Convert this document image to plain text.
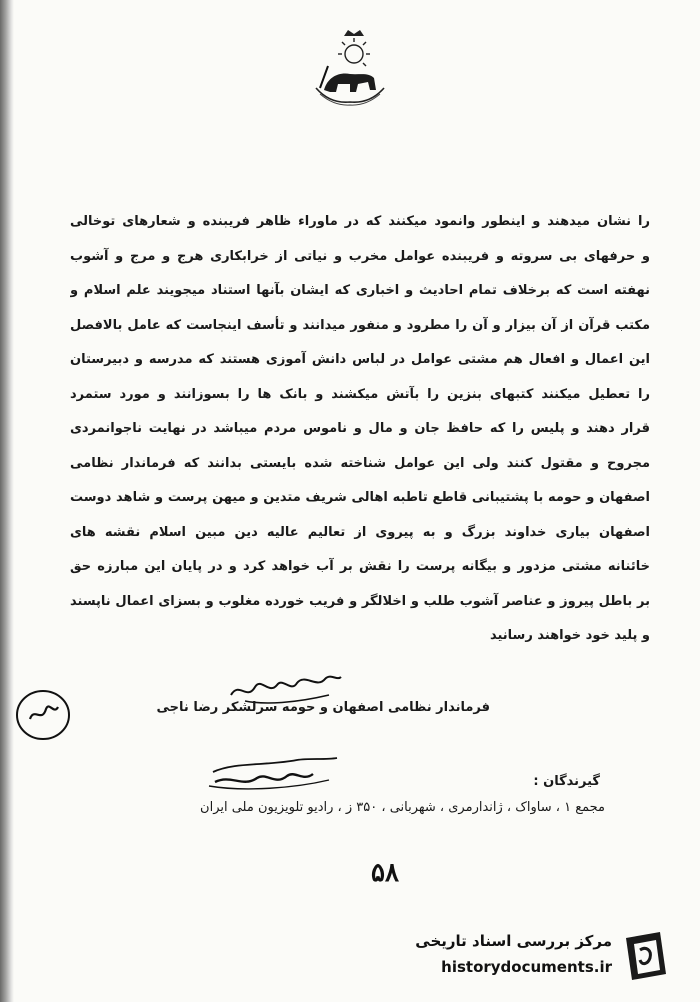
را نشان میدهند و اینطور وانمود میکنند که در ماوراء ظاهر فریبنده و شعارهای توخالی
و حرفهای بی سروته و فریبنده عوامل مخرب و نیاتی از خرابکاری هرج و مرج و آشوب
نهفته است که برخلاف تمام احادیث و اخباری که ایشان بآنها استناد میجویند علم اسلام و
مکتب قرآن از آن بیزار و آن را مطرود و منفور میدانند و تأسف اینجاست که عامل بالافصل
این اعمال و افعال هم مشتی عوامل در لباس دانش آموزی هستند که مدرسه و دبیرستان
را تعطیل میکنند کتبهای بنزین را بآتش میکشند و بانک ها را بسوزانند و مورد ستمرد
قرار دهند و پلیس را که حافظ جان و مال و ناموس مردم میباشد در نهایت ناجوانمردی
مجروح و مقتول کنند ولی این عوامل شناخته شده بایستی بدانند که فرماندار نظامی
اصفهان و حومه با پشتیبانی قاطع تاطبه اهالی شریف متدین و میهن پرست و شاهد دوست
اصفهان بیاری خداوند بزرگ و به پیروی از تعالیم عالیه دین مبین اسلام نقشه های
خائنانه مشتی مزدور و بیگانه پرست را نقش بر آب خواهد کرد و در پایان این مبارزه حق
بر باطل پیروز و عناصر آشوب طلب و اخلالگر و فریب خورده مغلوب و بسزای اعمال ناپسند
و پلید خود خواهند رسانید
فرماندار نظامی اصفهان و حومه سرلشکر رضا ناجی
گیرندگان :
مجمع ۱ ، ساواک ، ژاندارمری ، شهربانی ، ۳۵۰ ز ، رادیو تلویزیون ملی ایران
۵۸
مرکز بررسی اسناد تاریخی
historydocuments.ir
